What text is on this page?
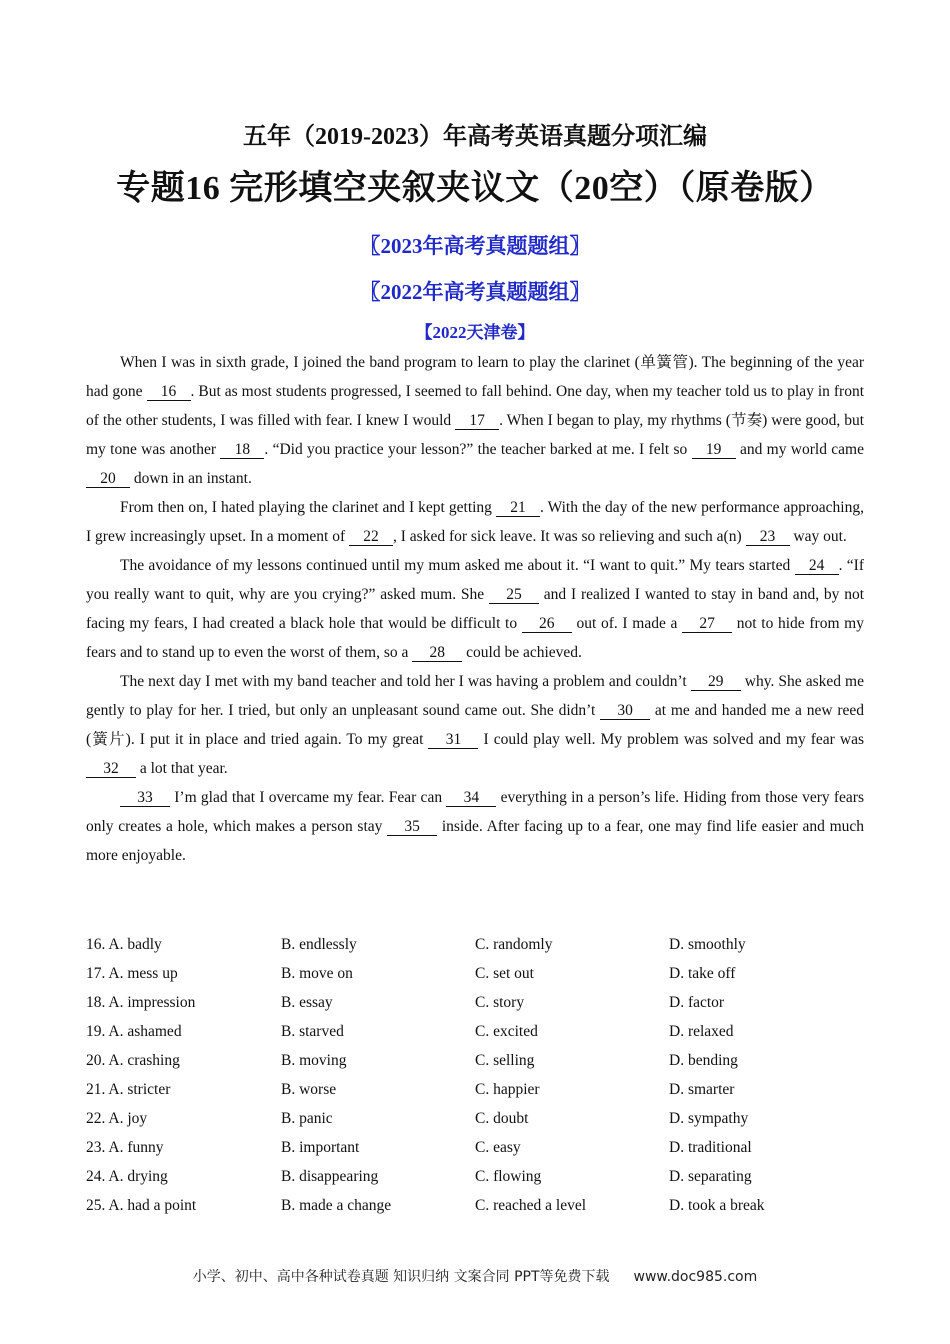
五年（2019-2023）年高考英语真题分项汇编
专题16 完形填空夹叙夹议文（20空）（原卷版）
〖2023年高考真题题组〗
〖2022年高考真题题组〗
【2022天津卷】

When I was in sixth grade, I joined the band program to learn to play the clarinet (单簧管). The beginning of the year had gone 16 . But as most students progressed, I seemed to fall behind. One day, when my teacher told us to play in front of the other students, I was filled with fear. I knew I would 17 . When I began to play, my rhythms (节奏) were good, but my tone was another 18 . “Did you practice your lesson?” the teacher barked at me. I felt so 19 and my world came 20 down in an instant.

From then on, I hated playing the clarinet and I kept getting 21 . With the day of the new performance approaching, I grew increasingly upset. In a moment of 22 , I asked for sick leave. It was so relieving and such a(n) 23 way out.

The avoidance of my lessons continued until my mum asked me about it. “I want to quit.” My tears started 24 . “If you really want to quit, why are you crying?” asked mum. She 25 and I realized I wanted to stay in band and, by not facing my fears, I had created a black hole that would be difficult to 26 out of. I made a 27 not to hide from my fears and to stand up to even the worst of them, so a 28 could be achieved.

The next day I met with my band teacher and told her I was having a problem and couldn’t 29 why. She asked me gently to play for her. I tried, but only an unpleasant sound came out. She didn’t 30 at me and handed me a new reed (簧片). I put it in place and tried again. To my great 31 I could play well. My problem was solved and my fear was 32 a lot that year.

33 I’m glad that I overcame my fear. Fear can 34 everything in a person’s life. Hiding from those very fears only creates a hole, which makes a person stay 35 inside. After facing up to a fear, one may find life easier and much more enjoyable.

16. A. badly	B. endlessly	C. randomly	D. smoothly
17. A. mess up	B. move on	C. set out	D. take off
18. A. impression	B. essay	C. story	D. factor
19. A. ashamed	B. starved	C. excited	D. relaxed
20. A. crashing	B. moving	C. selling	D. bending
21. A. stricter	B. worse	C. happier	D. smarter
22. A. joy	B. panic	C. doubt	D. sympathy
23. A. funny	B. important	C. easy	D. traditional
24. A. drying	B. disappearing	C. flowing	D. separating
25. A. had a point	B. made a change	C. reached a level	D. took a break
小学、初中、高中各种试卷真题 知识归纳 文案合同 PPT等免费下载 www.doc985.com
